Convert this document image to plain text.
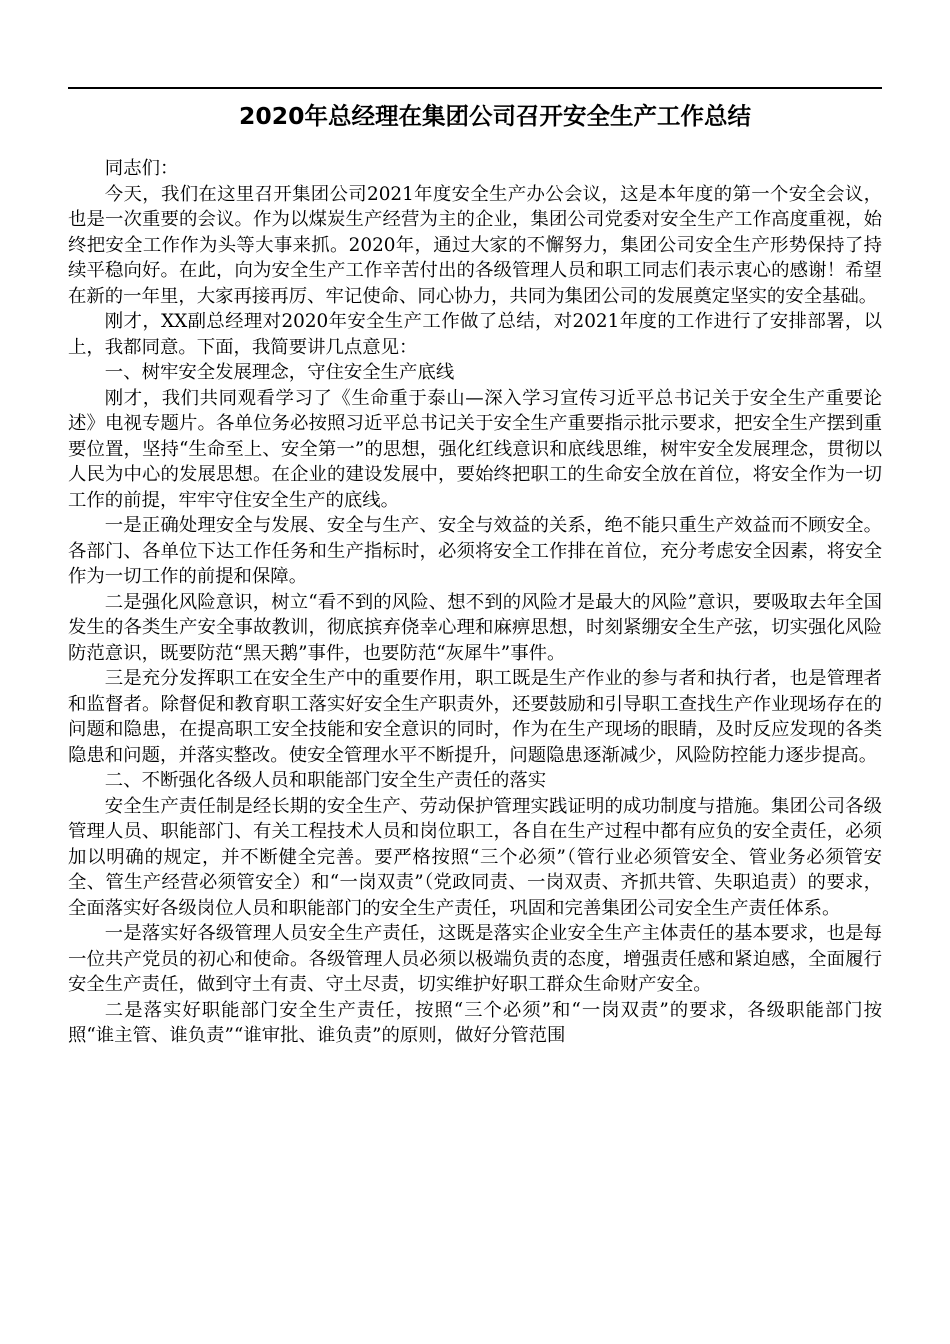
2020年总经理在集团公司召开安全生产工作总结

同志们：

今天，我们在这里召开集团公司2021年度安全生产办公会议，这是本年度的第一个安全会议，也是一次重要的会议。作为以煤炭生产经营为主的企业，集团公司党委对安全生产工作高度重视，始终把安全工作作为头等大事来抓。2020年，通过大家的不懈努力，集团公司安全生产形势保持了持续平稳向好。在此，向为安全生产工作辛苦付出的各级管理人员和职工同志们表示衷心的感谢！希望在新的一年里，大家再接再厉、牢记使命、同心协力，共同为集团公司的发展奠定坚实的安全基础。

刚才，XX副总经理对2020年安全生产工作做了总结，对2021年度的工作进行了安排部署，以上，我都同意。下面，我简要讲几点意见：

一、树牢安全发展理念，守住安全生产底线

刚才，我们共同观看学习了《生命重于泰山—深入学习宣传习近平总书记关于安全生产重要论述》电视专题片。各单位务必按照习近平总书记关于安全生产重要指示批示要求，把安全生产摆到重要位置，坚持“生命至上、安全第一”的思想，强化红线意识和底线思维，树牢安全发展理念，贯彻以人民为中心的发展思想。在企业的建设发展中，要始终把职工的生命安全放在首位，将安全作为一切工作的前提，牢牢守住安全生产的底线。

一是正确处理安全与发展、安全与生产、安全与效益的关系，绝不能只重生产效益而不顾安全。各部门、各单位下达工作任务和生产指标时，必须将安全工作排在首位，充分考虑安全因素，将安全作为一切工作的前提和保障。

二是强化风险意识，树立“看不到的风险、想不到的风险才是最大的风险”意识，要吸取去年全国发生的各类生产安全事故教训，彻底摈弃侥幸心理和麻痹思想，时刻紧绷安全生产弦，切实强化风险防范意识，既要防范“黑天鹅”事件，也要防范“灰犀牛”事件。

三是充分发挥职工在安全生产中的重要作用，职工既是生产作业的参与者和执行者，也是管理者和监督者。除督促和教育职工落实好安全生产职责外，还要鼓励和引导职工查找生产作业现场存在的问题和隐患，在提高职工安全技能和安全意识的同时，作为在生产现场的眼睛，及时反应发现的各类隐患和问题，并落实整改。使安全管理水平不断提升，问题隐患逐渐减少，风险防控能力逐步提高。

二、不断强化各级人员和职能部门安全生产责任的落实

安全生产责任制是经长期的安全生产、劳动保护管理实践证明的成功制度与措施。集团公司各级管理人员、职能部门、有关工程技术人员和岗位职工，各自在生产过程中都有应负的安全责任，必须加以明确的规定，并不断健全完善。要严格按照“三个必须”（管行业必须管安全、管业务必须管安全、管生产经营必须管安全）和“一岗双责”（党政同责、一岗双责、齐抓共管、失职追责）的要求，全面落实好各级岗位人员和职能部门的安全生产责任，巩固和完善集团公司安全生产责任体系。

一是落实好各级管理人员安全生产责任，这既是落实企业安全生产主体责任的基本要求，也是每一位共产党员的初心和使命。各级管理人员必须以极端负责的态度，增强责任感和紧迫感，全面履行安全生产责任，做到守土有责、守土尽责，切实维护好职工群众生命财产安全。

二是落实好职能部门安全生产责任，按照“三个必须”和“一岗双责”的要求，各级职能部门按照“谁主管、谁负责”“谁审批、谁负责”的原则，做好分管范围
